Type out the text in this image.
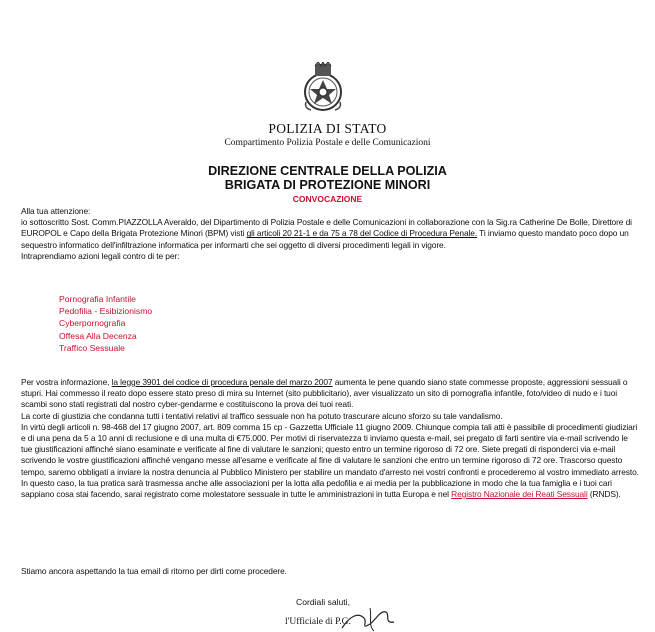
POLIZIA DI STATO
Compartimento Polizia Postale e delle Comunicazioni
DIREZIONE CENTRALE DELLA POLIZIA
BRIGATA DI PROTEZIONE MINORI
CONVOCAZIONE

Alla tua attenzione:

io sottoscritto Sost. Comm.PIAZZOLLA Averaldo, del Dipartimento di Polizia Postale e delle Comunicazioni in collaborazione con la Sig.ra Catherine De Bolle, Direttore di EUROPOL e Capo della Brigata Protezione Minori (BPM) visti gli articoli 20 21-1 e da 75 a 78 del Codice di Procedura Penale. Ti inviamo questo mandato poco dopo un sequestro informatico dell'infiltrazione informatica per informarti che sei oggetto di diversi procedimenti legali in vigore.

Intraprendiamo azioni legali contro di te per:

Pornografia Infantile
Pedofilia - Esibizionismo
Cyberpornografia
Offesa Alla Decenza
Traffico Sessuale

Per vostra informazione, la legge 3901 del codice di procedura penale del marzo 2007 aumenta le pene quando siano state commesse proposte, aggressioni sessuali o stupri. Hai commesso il reato dopo essere stato preso di mira su Internet (sito pubblicitario), aver visualizzato un sito di pornografia infantile, foto/video di nudo e i tuoi scambi sono stati registrati dal nostro cyber-gendarme e costituiscono la prova dei tuoi reati.

La corte di giustizia che condanna tutti i tentativi relativi al traffico sessuale non ha potuto trascurare alcuno sforzo su tale vandalismo.

In virtù degli articoli n. 98-468 del 17 giugno 2007, art. 809 comma 15 cp - Gazzetta Ufficiale 11 giugno 2009. Chiunque compia tali atti è passibile di procedimenti giudiziari e di una pena da 5 a 10 anni di reclusione e di una multa di €75.000. Per motivi di riservatezza ti inviamo questa e-mail, sei pregato di farti sentire via e-mail scrivendo le tue giustificazioni affinché siano esaminate e verificate al fine di valutare le sanzioni; questo entro un termine rigoroso di 72 ore. Siete pregati di risponderci via e-mail scrivendo le vostre giustificazioni affinché vengano messe all'esame e verificate al fine di valutare le sanzioni che entro un termine rigoroso di 72 ore. Trascorso questo tempo, saremo obbligati a inviare la nostra denuncia al Pubblico Ministero per stabilire un mandato d'arresto nei vostri confronti e procederemo al vostro immediato arresto. In questo caso, la tua pratica sarà trasmessa anche alle associazioni per la lotta alla pedofilia e ai media per la pubblicazione in modo che la tua famiglia e i tuoi cari sappiano cosa stai facendo, sarai registrato come molestatore sessuale in tutte le amministrazioni in tutta Europa e nel Registro Nazionale dei Reati Sessuali (RNDS).

Stiamo ancora aspettando la tua email di ritorno per dirti come procedere.
Cordiali saluti,
l'Ufficiale di P.G.
